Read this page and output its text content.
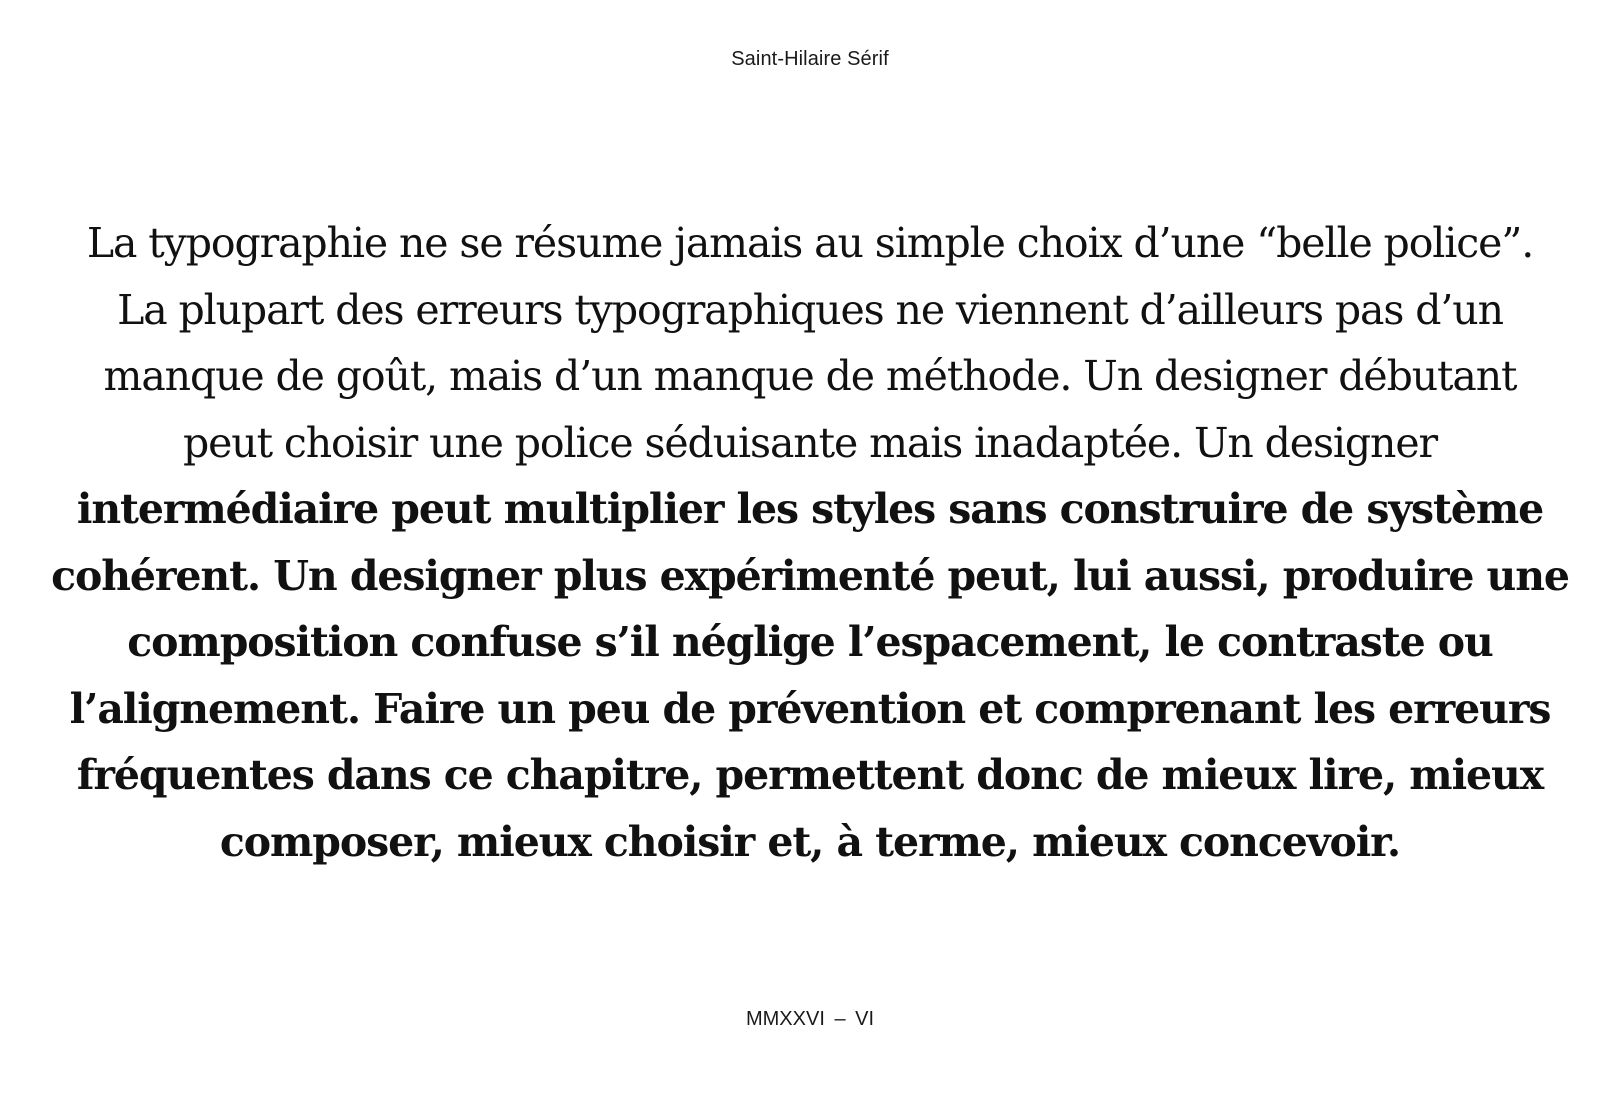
Saint-Hilaire Sérif
La typographie ne se résume jamais au simple choix d’une “belle police”.
La plupart des erreurs typographiques ne viennent d’ailleurs pas d’un
manque de goût, mais d’un manque de méthode. Un designer débutant
peut choisir une police séduisante mais inadaptée. Un designer
intermédiaire peut multiplier les styles sans construire de système
cohérent. Un designer plus expérimenté peut, lui aussi, produire une
composition confuse s’il néglige l’espacement, le contraste ou
l’alignement. Faire un peu de prévention et comprenant les erreurs
fréquentes dans ce chapitre, permettent donc de mieux lire, mieux
composer, mieux choisir et, à terme, mieux concevoir.
MMXXVI – VI
